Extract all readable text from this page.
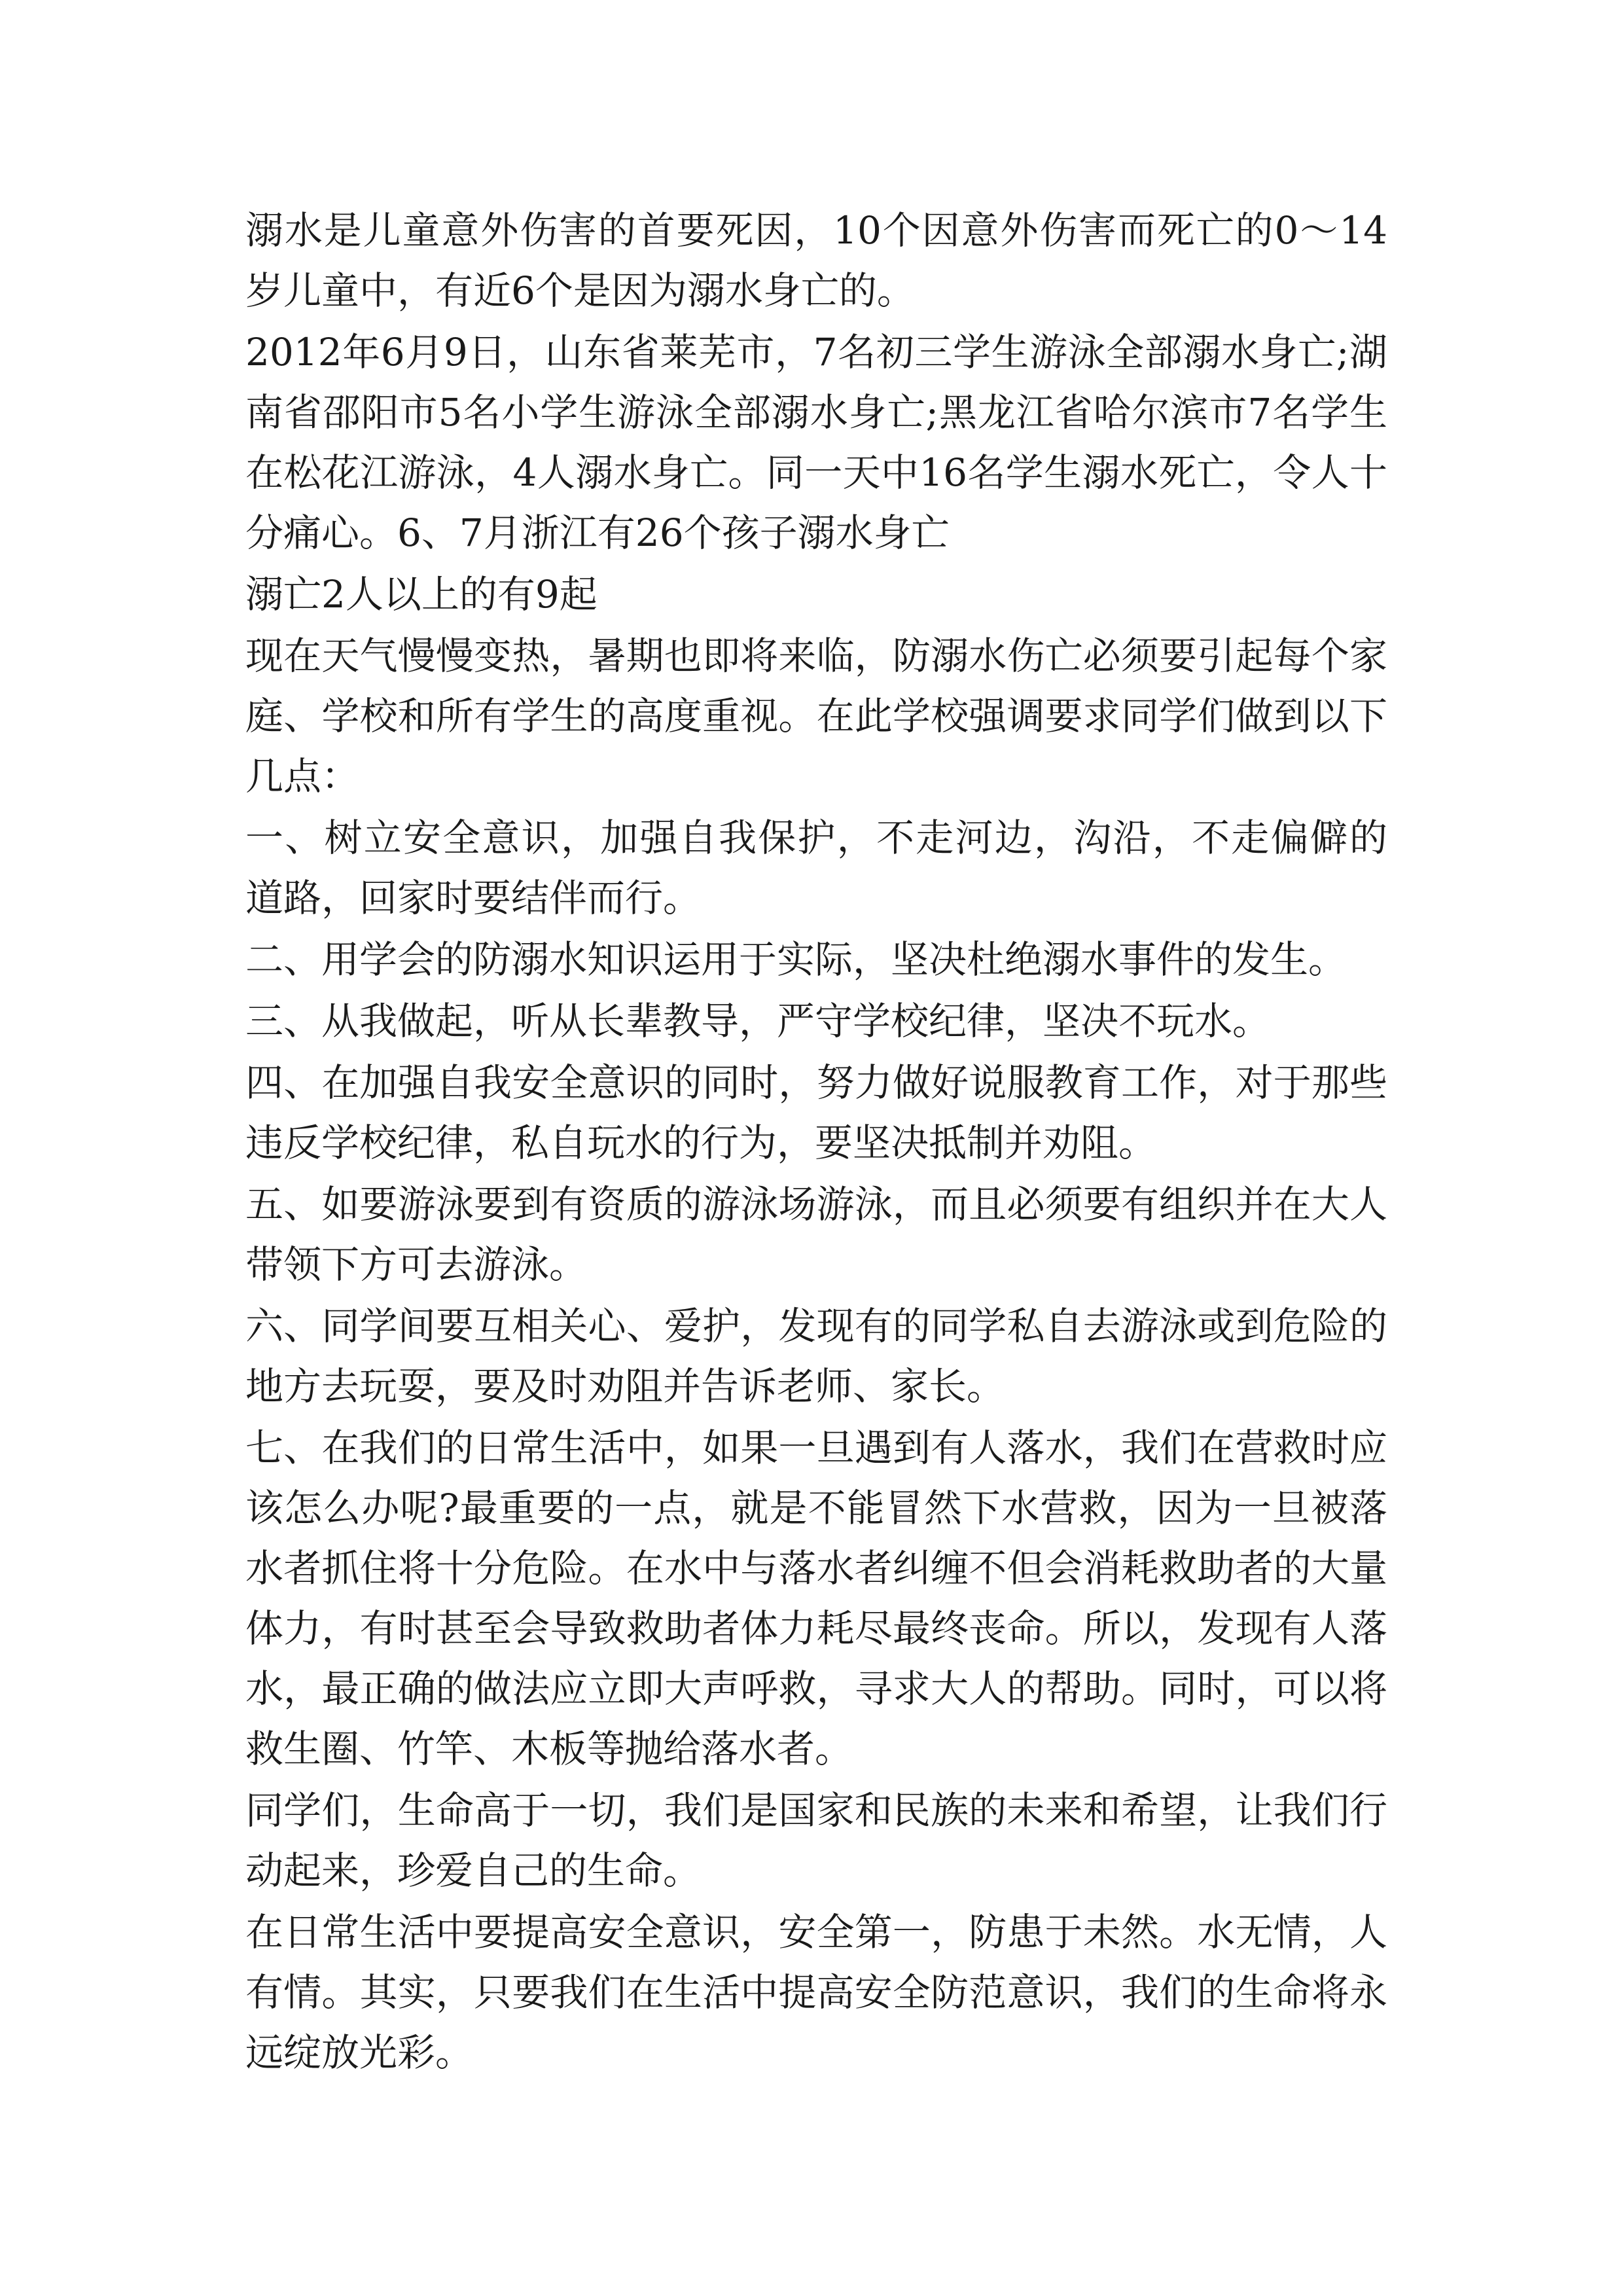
溺水是儿童意外伤害的首要死因，10个因意外伤害而死亡的0～14岁儿童中，有近6个是因为溺水身亡的。

2012年6月9日，山东省莱芜市，7名初三学生游泳全部溺水身亡;湖南省邵阳市5名小学生游泳全部溺水身亡;黑龙江省哈尔滨市7名学生在松花江游泳，4人溺水身亡。同一天中16名学生溺水死亡，令人十分痛心。6、7月浙江有26个孩子溺水身亡

溺亡2人以上的有9起

现在天气慢慢变热，暑期也即将来临，防溺水伤亡必须要引起每个家庭、学校和所有学生的高度重视。在此学校强调要求同学们做到以下几点：

一、树立安全意识，加强自我保护，不走河边，沟沿，不走偏僻的 道路，回家时要结伴而行。

二、用学会的防溺水知识运用于实际，坚决杜绝溺水事件的发生。

三、从我做起，听从长辈教导，严守学校纪律，坚决不玩水。

四、在加强自我安全意识的同时，努力做好说服教育工作，对于那些违反学校纪律，私自玩水的行为，要坚决抵制并劝阻。

五、如要游泳要到有资质的游泳场游泳，而且必须要有组织并在大人带领下方可去游泳。

六、同学间要互相关心、爱护，发现有的同学私自去游泳或到危险的地方去玩耍，要及时劝阻并告诉老师、家长。

七、在我们的日常生活中，如果一旦遇到有人落水，我们在营救时应该怎么办呢?最重要的一点，就是不能冒然下水营救，因为一旦被落水者抓住将十分危险。在水中与落水者纠缠不但会消耗救助者的大量体力，有时甚至会导致救助者体力耗尽最终丧命。所以，发现有人落水，最正确的做法应立即大声呼救，寻求大人的帮助。同时，可以将救生圈、竹竿、木板等抛给落水者。

同学们，生命高于一切，我们是国家和民族的未来和希望，让我们行动起来，珍爱自己的生命。

在日常生活中要提高安全意识，安全第一，防患于未然。水无情，人有情。其实，只要我们在生活中提高安全防范意识，我们的生命将永远绽放光彩。
